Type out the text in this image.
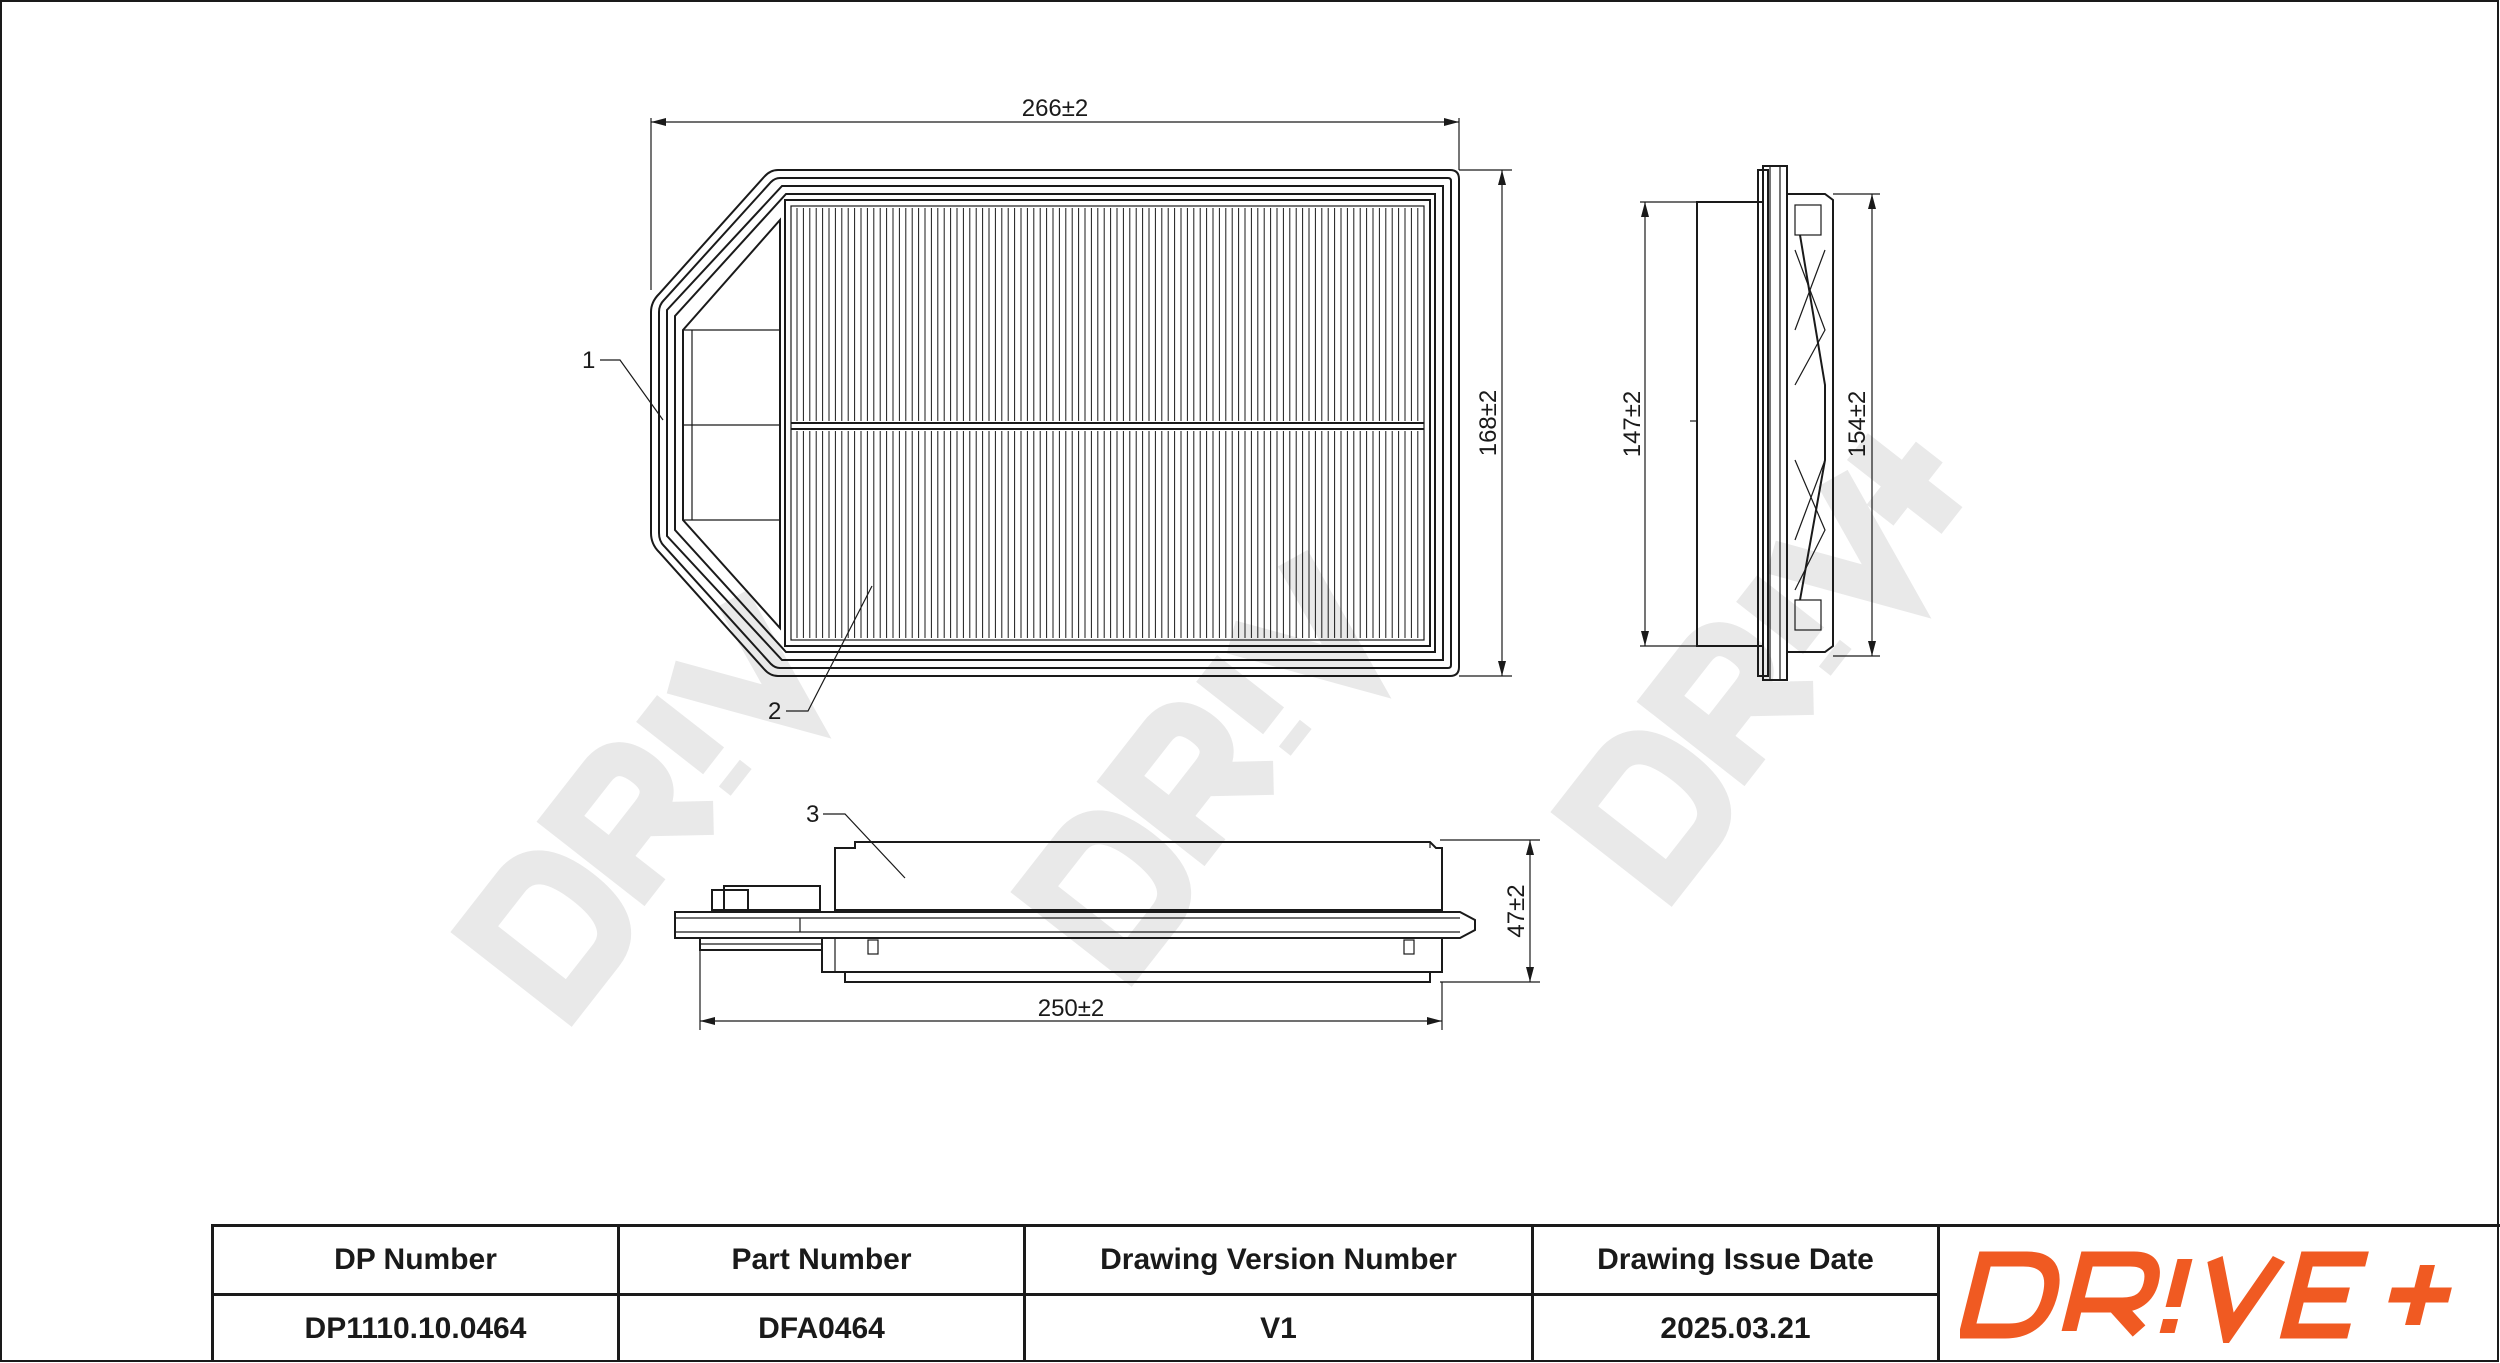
266±2
168±2
1
2
147±2	154±2
47±2
250±2
3
DP Number	Part Number	Drawing Version Number	Drawing Issue Date
DP1110.10.0464	DFA0464	V1	2025.03.21
